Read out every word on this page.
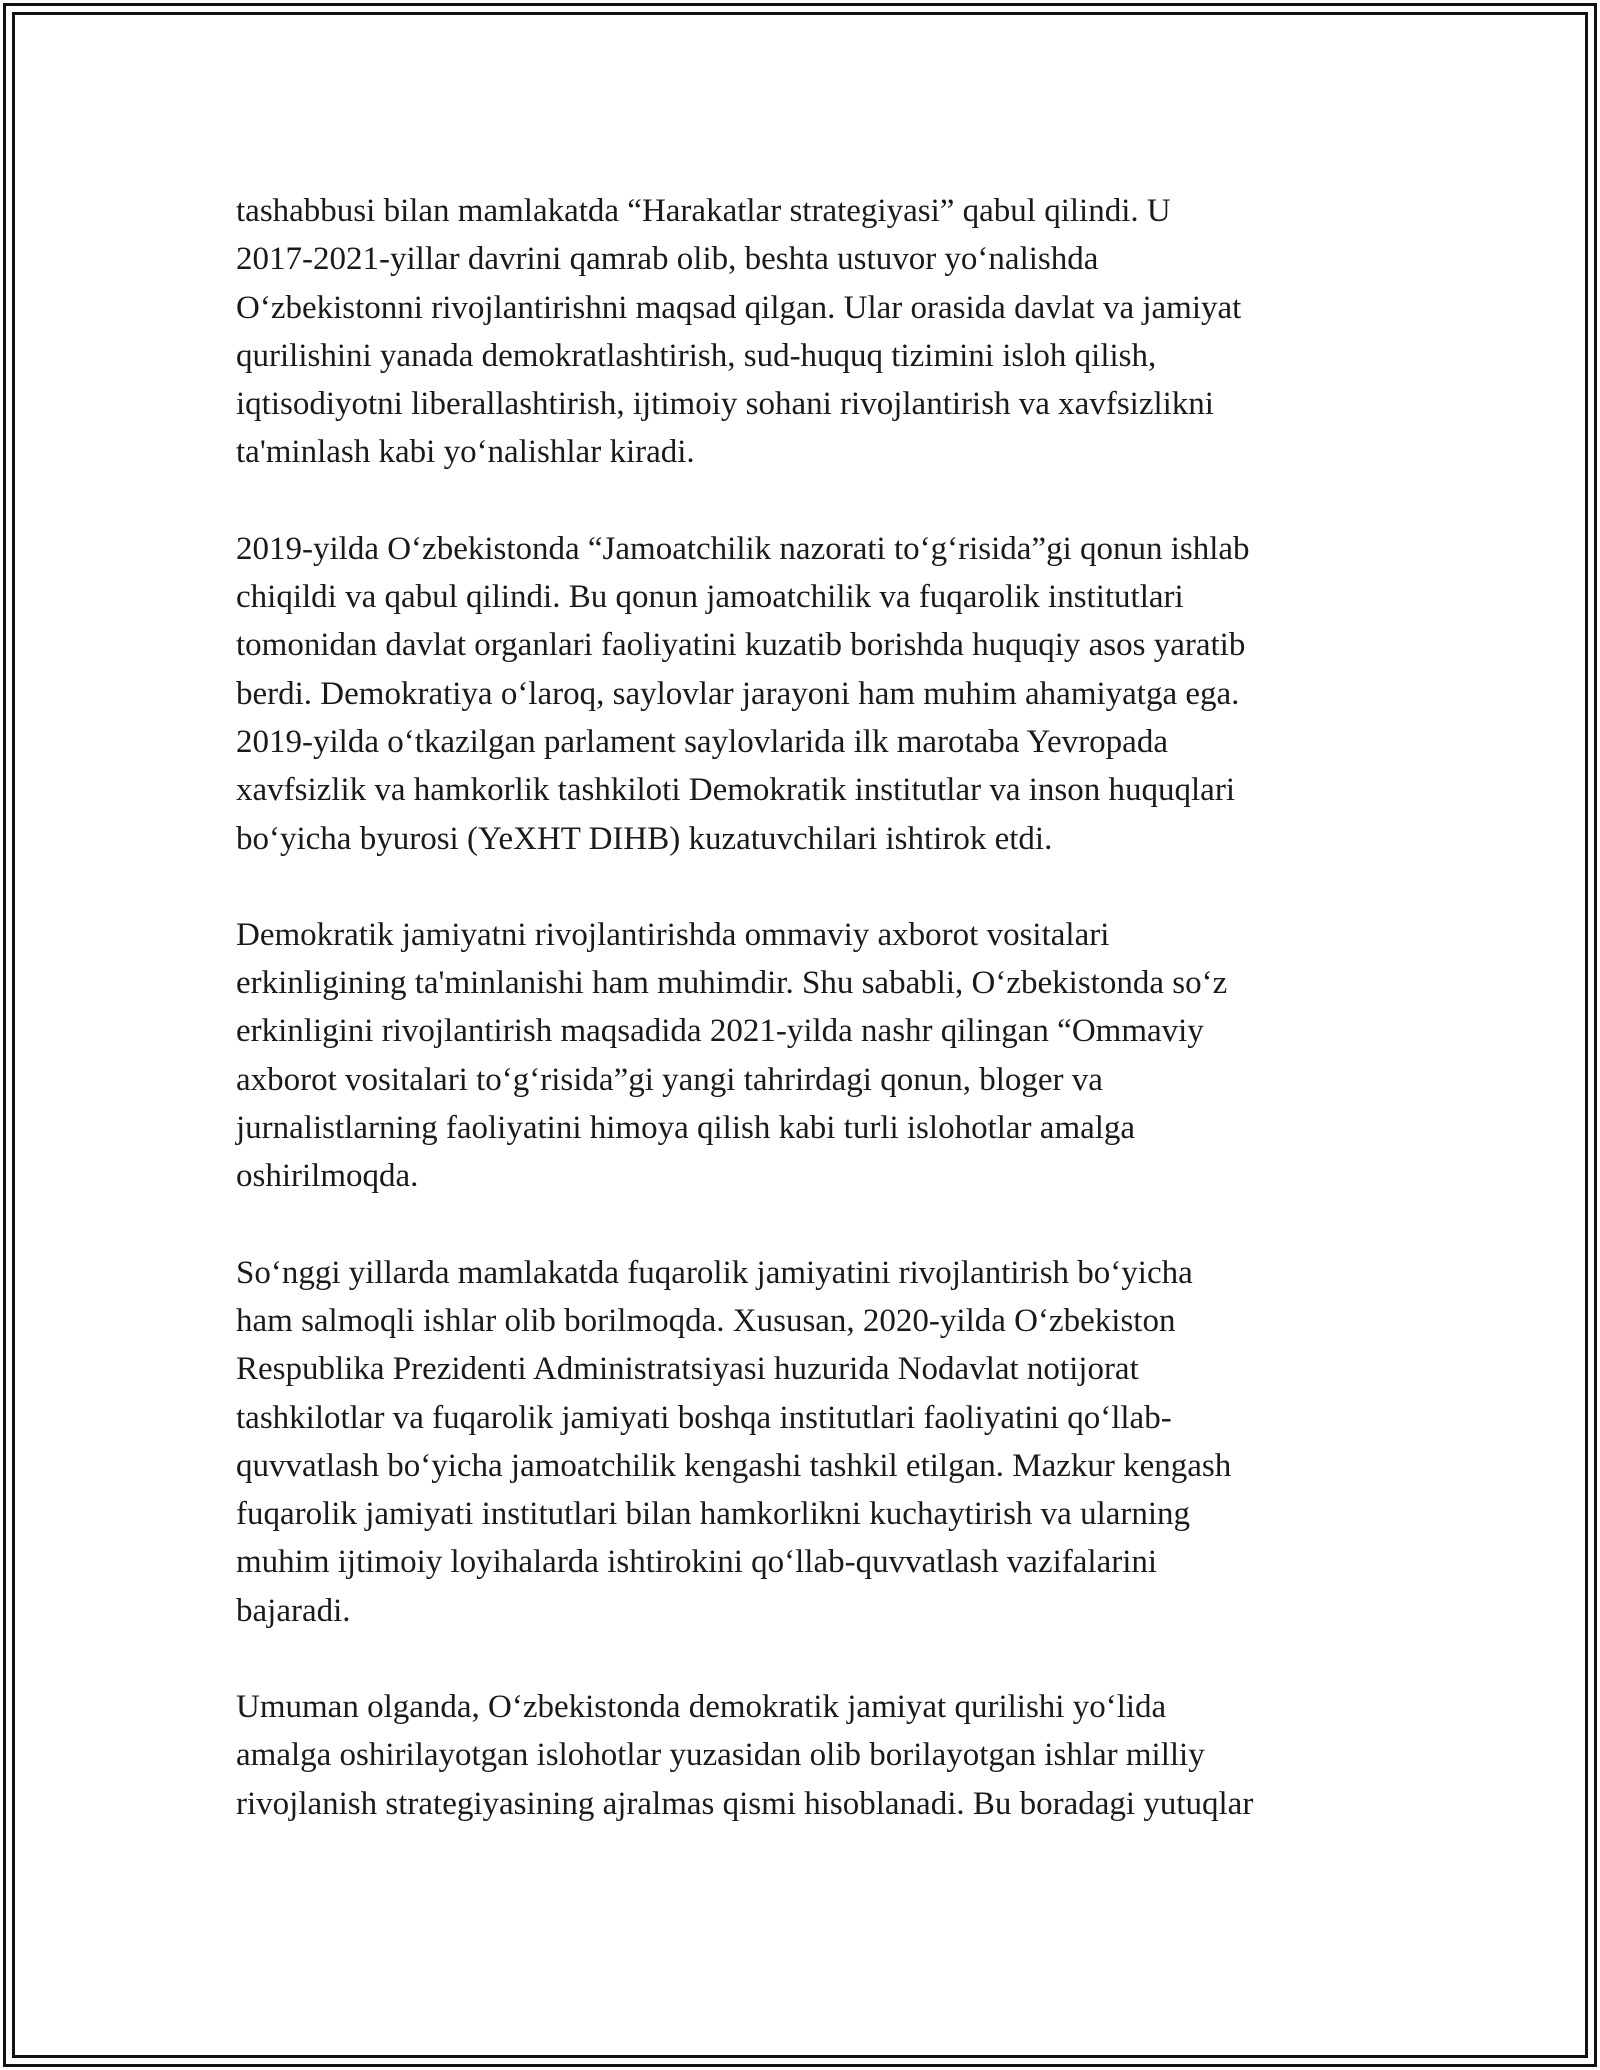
tashabbusi bilan mamlakatda “Harakatlar strategiyasi” qabul qilindi. U
2017-2021-yillar davrini qamrab olib, beshta ustuvor yo‘nalishda
O‘zbekistonni rivojlantirishni maqsad qilgan. Ular orasida davlat va jamiyat
qurilishini yanada demokratlashtirish, sud-huquq tizimini isloh qilish,
iqtisodiyotni liberallashtirish, ijtimoiy sohani rivojlantirish va xavfsizlikni
ta'minlash kabi yo‘nalishlar kiradi.

2019-yilda O‘zbekistonda “Jamoatchilik nazorati to‘g‘risida”gi qonun ishlab
chiqildi va qabul qilindi. Bu qonun jamoatchilik va fuqarolik institutlari
tomonidan davlat organlari faoliyatini kuzatib borishda huquqiy asos yaratib
berdi. Demokratiya o‘laroq, saylovlar jarayoni ham muhim ahamiyatga ega.
2019-yilda o‘tkazilgan parlament saylovlarida ilk marotaba Yevropada
xavfsizlik va hamkorlik tashkiloti Demokratik institutlar va inson huquqlari
bo‘yicha byurosi (YeXHT DIHB) kuzatuvchilari ishtirok etdi.

Demokratik jamiyatni rivojlantirishda ommaviy axborot vositalari
erkinligining ta'minlanishi ham muhimdir. Shu sababli, O‘zbekistonda so‘z
erkinligini rivojlantirish maqsadida 2021-yilda nashr qilingan “Ommaviy
axborot vositalari to‘g‘risida”gi yangi tahrirdagi qonun, bloger va
jurnalistlarning faoliyatini himoya qilish kabi turli islohotlar amalga
oshirilmoqda.

So‘nggi yillarda mamlakatda fuqarolik jamiyatini rivojlantirish bo‘yicha
ham salmoqli ishlar olib borilmoqda. Xususan, 2020-yilda O‘zbekiston
Respublika Prezidenti Administratsiyasi huzurida Nodavlat notijorat
tashkilotlar va fuqarolik jamiyati boshqa institutlari faoliyatini qo‘llab-
quvvatlash bo‘yicha jamoatchilik kengashi tashkil etilgan. Mazkur kengash
fuqarolik jamiyati institutlari bilan hamkorlikni kuchaytirish va ularning
muhim ijtimoiy loyihalarda ishtirokini qo‘llab-quvvatlash vazifalarini
bajaradi.

Umuman olganda, O‘zbekistonda demokratik jamiyat qurilishi yo‘lida
amalga oshirilayotgan islohotlar yuzasidan olib borilayotgan ishlar milliy
rivojlanish strategiyasining ajralmas qismi hisoblanadi. Bu boradagi yutuqlar
